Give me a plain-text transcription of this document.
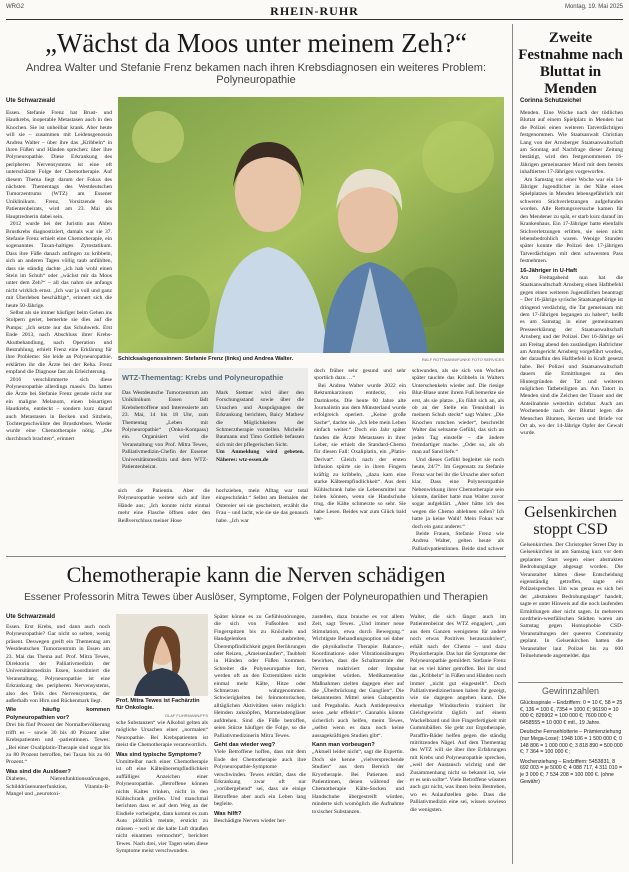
WRG2	RHEIN-RUHR	Montag, 19. Mai 2025
„Wächst da Moos unter meinem Zeh?“
Andrea Walter und Stefanie Frenz bekamen nach ihren Krebsdiagnosen ein weiteres Problem: Polyneuropathie
Ute Schwarzwald

Essen. Stefanie Frenz hat Brust- und Hautkrebs, inoperable Metastasen auch in den Knochen. Sie ist unheilbar krank. Aber heute will sie – zusammen mit Leidensgenossin Andrea Walter – über ihre das „Kribbeln“ in ihren Füßen und Händen sprechen: über ihre Polyneuropathie. Diese Erkrankung des peripheren Nervensystems ist eine oft unterschätzte Folge der Chemotherapie. Auf diesem Thema liegt darum der Fokus des nächsten Thementags des Westdeutschen Tumorzentrums (WTZ) am Essener Uniklinikum. Frenz, Vorsitzende des Patientenbeirats, wird am 23. Mai als Hauptrednerin dabei sein.

2012 wurde bei der Juristin aus Ahlen Brustkrebs diagnostiziert, damals war sie 37. Stefanie Frenz erhielt eine Chemotherapie, ein sogenanntes Taxan-haltiges Zytostatikum. Dass ihre Füße danach anfingen zu kribbeln, sich an anderen Tagen völlig taub anfühlten, dass sie ständig dachte „ich hab wohl einen Stein im Schuh“ oder „wächst mir da Moos unter dem Zeh?“ – all das nahm sie anfangs nicht wirklich ernst. „Ich war ja voll und ganz mit Überleben beschäftigt“, erinnert sich die heute 50-Jährige.

Selbst als sie immer häufiger beim Gehen ins Stolpern geriet, bemerkte sie dies auf die Pumps: „Ich setzte nur das Schuhwerk. Erst Ende 2013, nach Abschluss ihrer Krebs-Akutbehandlung, nach Operation und Bestrahlung, erhielt Frenz eine Erklärung für ihre Probleme: Sie leide an Polyneuropathie, erklärten ihr die Ärzte bei der Reha. Frenz empfand die Diagnose fast als Erleichterung.

2016 verschlimmerte sich diese Polyneuropathie allerdings massiv. Da hatten die Ärzte bei Stefanie Frenz gerade nicht nur ein maligne Melanom, einen bösartigen Hautkrebs, entdeckt – sondern kurz darauf auch Metastasen in Becken und Sitzbein, Tochtergeschwülste des Brustkrebses. Wieder wurde eine Chemotherapie nötig. „Die durchbrach brachten“, erinnert

Schicksalsgenossinnen: Stefanie Frenz (links) und Andrea Walter.	RALF ROTTMANN/FUNKE FOTO SERVICES
WTZ-Thementag: Krebs und Polyneuropathie
Das Westdeutsche Tumorzentrum am Uniklinikum Essen lädt Krebsbetroffene und Interessierte am 23. Mai, 14 bis 18 Uhr, zum Thementag „Leben mit Polyneuropathie“ (Onko-Kompass) ein. Organisiert wird die Veranstaltung von Prof. Mitra Tewes, Palliativmedizin-Chefin der Essener Universitätsmedizin und dem WTZ-Patientenbeirat.
Mark Stettner wird über den Forschungsstand sowie über die Ursachen und Ausprägungen der Erkrankung berichten, Baicy Mathew die Möglichkeiten der Schmerztherapie vorstellen. Michelle Baumann und Timo Gottlieb befassen sich mit der pflegerischen Sicht.
Um Anmeldung wird gebeten. Näheres: wtz-essen.de
sich die Patientin. Aber die Polyneuropathie weitete sich auf ihre Hände aus: „Ich konnte nicht einmal mehr eine Flasche öffnen oder den Reißverschluss meiner Hose
hochziehen, mein Alltag war total eingeschränkt.“ Selbst am Bemalen der Ostereier sei sie gescheitert, erzählt die Frau – und lacht, wie sie sie das genauch habe. „Ich war

doch früher sehr gesund und sehr sportlich dazu …“

Bei Andrea Walter wurde 2022 ein Rektumkarzinom entdeckt, ein Darmkrebs. Die heute 60 Jahre alte Journalistin aus dem Münsterland wurde erfolgreich operiert. „Keine große Sache“, dachte sie. „Ich lebe mein Leben einfach weiter.“ Doch ein Jahr später fanden die Ärzte Metastasen in ihrer Leber, sie erhielt die Standard-Chemo für diesen Fall: Oxaliplatin, ein „Platin-Derivat“. Gleich nach der ersten Infusion spürte sie in ihren Fingern kräftig zu kribbeln, „dazu kam eine starke Kälteempfindlichkeit“. Aus dem Kühlschrank habe sie Lebensmittel nur holen können, wenn sie Handschuhe trug, die Kälte schmerzte so sehr. Sie habe Lesen. Beides war zum Glück bald ver-

schwunden, als sie sich von Wochen später tauchte das Kribbeln in Walters Unterschenkeln wieder auf. Die riesige Blut-Blase unter ihrem Fuß bemerkte sie erst, als sie platze. „Es fühlt sich an, als ob an der Stelle ein Tennisball in meinem Schuh steckt“ sagt Walter. „Die Knochen rutschen wieder“, beschreibt Walter das seltsame Gefühl, das sich an jeden Tag einstelle – die ändere fremdartiger mache. „Oder so, als ob man auf Sand liefe.“

Und dieses Gefühl begleitet sie noch heute, 24/7“. Im Gegensatz zu Stefanie Frenz war bei ihr die Ursache aber sofort klar. Dass eine Polyneuropathie Nebenwirkung ihrer Chemotherapie sein könnte, darüber hatte man Walter zuvor sogar aufgeklärt. „Aber hätte ich des wegen die Chemo ablehnen sollen? Ich hatte ja keine Wahl! Mein Fokus war doch ein ganz anderer.“

Beide Frauen, Stefanie Frenz wie Andrea Walter, gelten heute als Palliativpatientinnen. Beide sind schwer

Chemotherapie kann die Nerven schädigen
Essener Professorin Mitra Tewes über Auslöser, Symptome, Folgen der Polyneuropathien und Therapien
Ute Schwarzwald

Essen. Erst Krebs, und dann auch noch Polyneuropathie? Gar nicht so selten, wenig präsent. Deswegen greift ein Thementag am Westdeutschen Tumorzentrum in Essen am 23. Mai das Thema auf. Prof. Mitra Tewes, Direktorin der Palliativmedizin der Universitätsmedizin Essen, koordiniert die Veranstaltung. Polyneuropathie ist eine Erkrankung des peripheren Nervensystems, also des Teils des Nervensystems, der außerhalb von Hirn und Rückenmark liegt.

Wie häufig kommen Polyneuropathien vor?

Drei bis fünf Prozent der Normalbevölkerung trifft es – sowie 30 bis 40 Prozent aller Krebspatienten und -patientinnen. Tewes: „Bei einer Oxaliplatin-Therapie sind sogar bis zu 80 Prozent betroffen, bei Taxan bis zu 60 Prozent.“

Was sind die Auslöser?

Diabetes, Nierenfunktionsstörungen, Schilddrüsenunterfunktion, Vitamin-B-Mangel und „neurotoxi-

Prof. Mitra Tewes ist Fachärztin für Onkologie.
OLAF FUHRMANN/FFS

sche Substanzen“ wie Alkohol gelten als mögliche Ursachen einer „normalen“ Neuropathie. Bei Krebspatienten ist meist die Chemotherapie verantwortlich.

Was sind typische Symptome?

Unmittelbar nach einer Chemotherapie ist oft eine Kälteüberempfindlichkeit auffälliges Anzeichen einer Polyneuropathie. „Betroffene können nichts Kaltes trinken, nicht in den Kühlschrank greifen. Und manchmal berichten dass er auf dem Weg an der Eisdiele vorbeigeht, dann kommt es zum Auto plötzlich meinte, erstickt zu müssen – weil er die kalte Luft draußen nicht einatmen vermochte“, berichtet Tewes. Nach drei, vier Tagen seien diese Symptome meist verschwunden.

Später könne es zu Gefühlsstörungen, die sich von Fußsohlen und Fingerspitzen bis zu Knöcheln und Handgelenken ausbreiten, Überempfindlichkeit gegen Berührungen oder Reizen, „Ameisenlaufen“, Taubheit in Händen oder Füßen kommen. Schreitet die Polyneuropathie fort, werden oft an den Extremitäten nicht einmal mehr Kälte, Hitze oder Schmerzen wahrgenommen. Schwierigkeiten bei feinmotorischen, alltäglichen Aktivitäten seien möglich: Hemden zuknöpfen, Marmeladengläser aufdrehen. Sind die Füße betroffen, seien Stürze häufiger die Folge, so die Palliativmedizinerin Mitra Tewes.

Geht das wieder weg?

Viele Betroffene hoffen, dass mit dem Ende der Chemotherapie auch ihre Polyneuropathie-Symptome verschwinden. Tewes erklärt, dass die Erkrankung zwar oft nur „vorübergehend“ sei, dass sie einige Betroffene aber auch ein Leben lang begleite.

Was hilft?

Beschädigte Nerven wieder her-

zustellen, dazu brauche es vor allem Zeit, sagt Tewes. „Und immer neue Stimulation, etwa durch Bewegung.“ Wichtigste Behandlungsoption sei daher die physikalische Therapie: Balance-, Koordinations- oder Vibrationsübungen bewirken, dass die Schaltzentrale der Nerven reaktiviert oder Impulse umgeleitet würden. Medikamentöse Maßnahmen zielten dagegen eher auf die „Überbrückung der Ganglien“. Die bekanntesten Mittel seien Gabapentin und Pregabalin. Auch Antidepressiva seien „sehr effektiv“. Cannabis könnte sicherlich auch helfen, meint Tewes, „selbst wenn es dazu noch keine aussagekräftigen Studien gibt“.

Kann man vorbeugen?

„Aktuell leider nicht“, sagt die Expertin. Doch sie kenne „vielversprechende Studien“ aus dem Bereich der Kryotherapie. Bei Patienten und Patientinnen, denen während der Chemotherapie Kälte-Socken und Handschuhe übergestreift würden, minderte sich womöglich die Aufnahme toxischer Substanzen.

Walter, die sich längst auch im Patientenbeirat des WTZ engagiert, „um aus dem Ganzen wenigstens für andere noch etwas Positives herauszuholen“, erhält nach der Chemo – und dazu Physiotherapie. Das hat die Symptome der Polyneuropathie gemildert. Stefanie Frenz hat es viel härter getroffen. Bei ihr sind das „Kribbeln“ in Füßen und Händen noch immer „nicht gut eingestellt“. Doch Palliativmedizinerinnen haben ihr gezeigt, wie sie dagegen angehen kann. Die ehemalige Windsurferin trainiert ihr Gleichgewicht täglich auf einem Wackelboard und ihre Fingerfertigkeit mit Gummibällen. Sie geht zur Ergotherapie, Paraffin-Bäder helfen gegen die ständig mitritzenden Nägel. Auf dem Thementag des WTZ will sie über ihre Erfahrungen mit Krebs und Polyneuropathie sprechen, „weil der Austausch wichtig und der Zusammenhang nicht so bekannt ist, wie er es sein sollte“. Viele Betroffene wüssten auch gar nicht, was ihnen beim Bestreben, wo es Anlaufstellen gebe. Dass die Palliativmedizin eine sei, wissen sowieso die wenigsten.
Zweite Festnahme nach Bluttat in Menden
Corinna Schutzeichel

Menden. Eine Woche nach der tödlichen Bluttat auf einem Spielplatz in Menden hat die Polizei einen weiteren Tatverdächtigen festgenommen. Wie Staatsanwalt Christian Lang von der Arnsberger Staatsanwaltschaft am Sonntag auf Nachfrage dieser Zeitung bestätigt, wird den festgenommenen 16-Jährigen gemeinsamer Mord mit dem bereits inhaftierten 17-Jährigen vorgeworfen.

Am Samstag vor einer Woche war ein 14-Jähriger Jugendlicher in der Nähe eines Spielplatzes in Menden lebensgefährlich mit schweren Stichverletzungen aufgefunden worden. Alle Rettungsversuche kamen für den Mendener zu spät, er starb kurz darauf im Krankenhaus. Ein 17-Jähriger hatte ebenfalls Stichverletzungen erlitten, sie seien nicht lebensbedrohlich waren. Wenige Stunden später konnte die Polizei den 17-jährigen Tatverdächtigen mit dem schwersten Pass festnehmen.

16-Jähriger in U-Haft

Am Freitagabend nun hat die Staatsanwaltschaft Arnsberg einen Haftbefehl gegen einen weiteren Jugendlichen beantragt – Der 16-jährige syrische Staatsangehörige ist dringend verdächtig, die Tat gemeinsam mit dem 17-Jährigen begangen zu haben“, heißt es am Samstag in einer gemeinsamen Presseerklärung der Staatsanwaltschaft Arnsberg und der Polizei. Der 16-Jährige sei am Freitag abend den zuständigen Haftrichter am Amtsgericht Arnsberg vorgeführt worden, der daraufhin den Haftbefehl in Kraft gesetzt habe. Bei Polizei und Staatsanwaltschaft dauern die Ermittlungen zu den Hintergründen der Tat und weiteren möglichen Tatbeteiligten an. Am Tatort in Menden sind die Zeichen der Trauer und der Anteilnahme weiterhin sichtbar. Auch am Wochenende nach der Bluttat legen die Menschen Blumen, Kerzen und Briefe vor Ort ab, wo der 14-Jährige Opfer der Gewalt wurde.

Gelsenkirchen stoppt CSD
Gelsenkirchen. Der Christopher Street Day in Gelsenkirchen ist am Samstag kurz vor dem geplanten Start wegen einer abstrakten Bedrohungslage abgesagt worden. Die Veranstalter hätten diese Entscheidung eigenständig getroffen, sagte ein Polizeisprecher. Um was genau es sich bei der „abstrakten Bedrohungslage“ handelt, sagte er unter Hinweis auf die noch laufenden Ermittlungen aber nicht sagen. In mehreren nordrhein-westfälischen Städten waren am Samstag gegen Homophobie CSD-Veranstaltungen der queeren Community geplant. In Gelsenkirchen hatten die Veranstalter laut Polizei bis zu 600 Teilnehmende angemeldet. dpa
Gewinnzahlen
Glücksspirale – Endziffern: 0 = 10 €, 58 = 25 €, 136 = 100 €, 7354 = 1000 €; 96190 = 10 000 €; 826902 = 100 000 €; 7600 000 €; 6458555 = 10 000 € mtl., 19 Jahre.
Deutsche Fernsehlotterie – Prämienziehung (nur Mega-Lose): 1948 106 = 1 500 000 €; 0 148 806 = 1 000 000 €; 3 818 890 = 500 000 €; 7 364 = 100 000 € ;
Wochenziehung – Endziffern: 5453831, 8 692 003 = je 5000 €; 4 088 717, 4 311 010 = je 3 000 €; 7 534 208 = 100 000 €. (ohne Gewähr)
